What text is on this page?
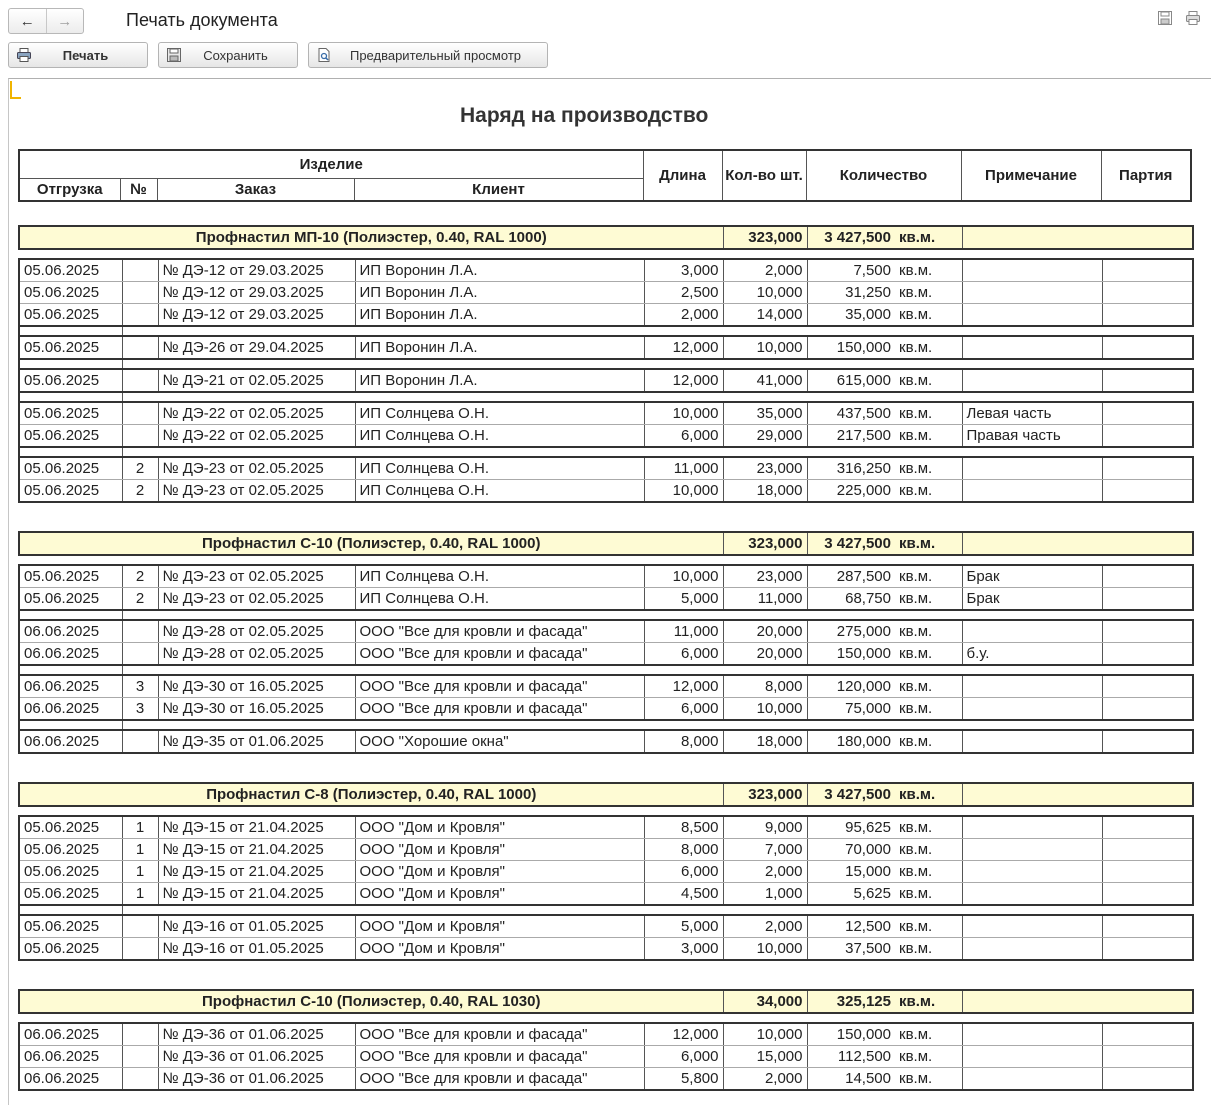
← →	Печать документа
Печать	Сохранить	Предварительный просмотр
Наряд на производство
Изделие				Длина	Кол-во шт.	Количество	Примечание	Партия
Отгрузка	№	Заказ	Клиент					
Профнастил МП-10 (Полиэстер, 0.40, RAL 1000)					323,000	3 427,500	кв.м.		

05.06.2025		№ ДЭ-12 от 29.03.2025	ИП Воронин Л.А.	3,000	2,000	7,500	кв.м.		
05.06.2025		№ ДЭ-12 от 29.03.2025	ИП Воронин Л.А.	2,500	10,000	31,250	кв.м.		
05.06.2025		№ ДЭ-12 от 29.03.2025	ИП Воронин Л.А.	2,000	14,000	35,000	кв.м.		

05.06.2025		№ ДЭ-26 от 29.04.2025	ИП Воронин Л.А.	12,000	10,000	150,000	кв.м.		

05.06.2025		№ ДЭ-21 от 02.05.2025	ИП Воронин Л.А.	12,000	41,000	615,000	кв.м.		

05.06.2025		№ ДЭ-22 от 02.05.2025	ИП Солнцева О.Н.	10,000	35,000	437,500	кв.м.	Левая часть	
05.06.2025		№ ДЭ-22 от 02.05.2025	ИП Солнцева О.Н.	6,000	29,000	217,500	кв.м.	Правая часть	

05.06.2025	2	№ ДЭ-23 от 02.05.2025	ИП Солнцева О.Н.	11,000	23,000	316,250	кв.м.		
05.06.2025	2	№ ДЭ-23 от 02.05.2025	ИП Солнцева О.Н.	10,000	18,000	225,000	кв.м.		

Профнастил С-10 (Полиэстер, 0.40, RAL 1000)					323,000	3 427,500	кв.м.		

05.06.2025	2	№ ДЭ-23 от 02.05.2025	ИП Солнцева О.Н.	10,000	23,000	287,500	кв.м.	Брак	
05.06.2025	2	№ ДЭ-23 от 02.05.2025	ИП Солнцева О.Н.	5,000	11,000	68,750	кв.м.	Брак	

06.06.2025		№ ДЭ-28 от 02.05.2025	ООО "Все для кровли и фасада"	11,000	20,000	275,000	кв.м.		
06.06.2025		№ ДЭ-28 от 02.05.2025	ООО "Все для кровли и фасада"	6,000	20,000	150,000	кв.м.	б.у.	

06.06.2025	3	№ ДЭ-30 от 16.05.2025	ООО "Все для кровли и фасада"	12,000	8,000	120,000	кв.м.		
06.06.2025	3	№ ДЭ-30 от 16.05.2025	ООО "Все для кровли и фасада"	6,000	10,000	75,000	кв.м.		

06.06.2025		№ ДЭ-35 от 01.06.2025	ООО "Хорошие окна"	8,000	18,000	180,000	кв.м.		

Профнастил С-8 (Полиэстер, 0.40, RAL 1000)					323,000	3 427,500	кв.м.		

05.06.2025	1	№ ДЭ-15 от 21.04.2025	ООО "Дом и Кровля"	8,500	9,000	95,625	кв.м.		
05.06.2025	1	№ ДЭ-15 от 21.04.2025	ООО "Дом и Кровля"	8,000	7,000	70,000	кв.м.		
05.06.2025	1	№ ДЭ-15 от 21.04.2025	ООО "Дом и Кровля"	6,000	2,000	15,000	кв.м.		
05.06.2025	1	№ ДЭ-15 от 21.04.2025	ООО "Дом и Кровля"	4,500	1,000	5,625	кв.м.		

05.06.2025		№ ДЭ-16 от 01.05.2025	ООО "Дом и Кровля"	5,000	2,000	12,500	кв.м.		
05.06.2025		№ ДЭ-16 от 01.05.2025	ООО "Дом и Кровля"	3,000	10,000	37,500	кв.м.		

Профнастил С-10 (Полиэстер, 0.40, RAL 1030)					34,000	325,125	кв.м.		

06.06.2025		№ ДЭ-36 от 01.06.2025	ООО "Все для кровли и фасада"	12,000	10,000	150,000	кв.м.		
06.06.2025		№ ДЭ-36 от 01.06.2025	ООО "Все для кровли и фасада"	6,000	15,000	112,500	кв.м.		
06.06.2025		№ ДЭ-36 от 01.06.2025	ООО "Все для кровли и фасада"	5,800	2,000	14,500	кв.м.		
